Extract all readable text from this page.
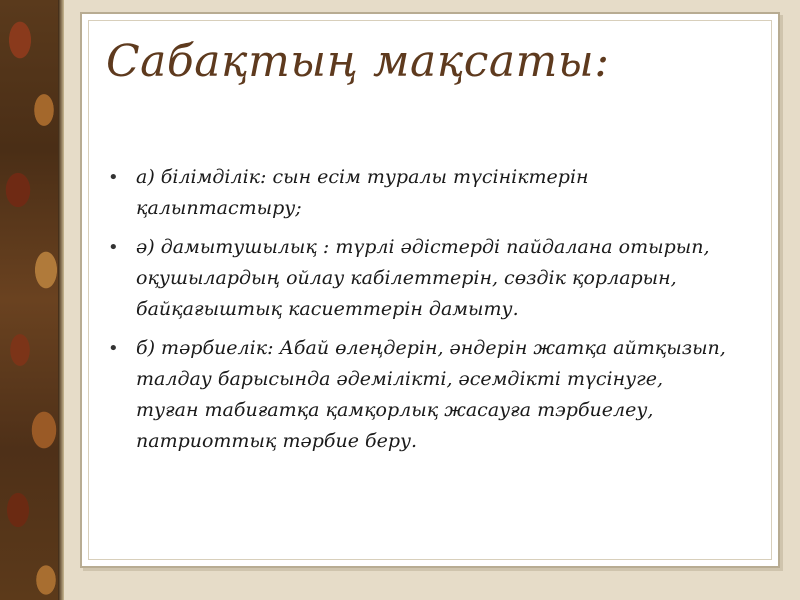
Сабақтың мақсаты:
• а) білімділік: сын есім туралы түсініктерін қалыптастыру;
• ә) дамытушылық : түрлі әдістерді пайдалана отырып, оқушылардың ойлау кабілеттерін, сөздік қорларын, байқағыштық касиеттерін дамыту.
• б) тәрбиелік: Абай өлеңдерін, әндерін жатқа айтқызып, талдау барысында әдемілікті, әсемдікті түсінуге, туған табиғатқа қамқорлық жасауға тэрбиелеу, патриоттық тәрбие беру.
